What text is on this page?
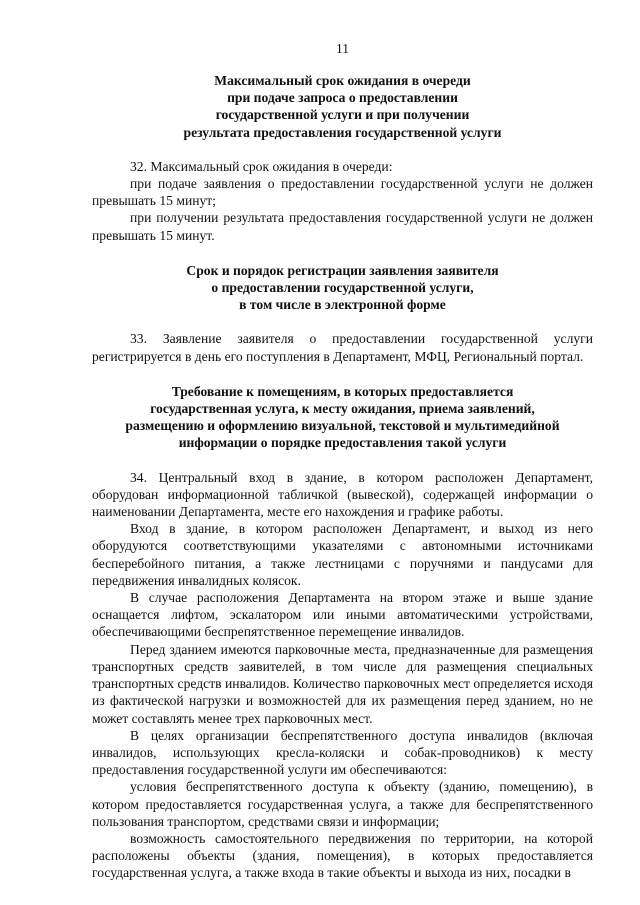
11
Максимальный срок ожидания в очереди
при подаче запроса о предоставлении
государственной услуги и при получении
результата предоставления государственной услуги

32. Максимальный срок ожидания в очереди:

при подаче заявления о предоставлении государственной услуги не должен превышать 15 минут;

при получении результата предоставления государственной услуги не должен превышать 15 минут.

Срок и порядок регистрации заявления заявителя
о предоставлении государственной услуги,
в том числе в электронной форме

33. Заявление заявителя о предоставлении государственной услуги регистрируется в день его поступления в Департамент, МФЦ, Региональный портал.

Требование к помещениям, в которых предоставляется
государственная услуга, к месту ожидания, приема заявлений,
размещению и оформлению визуальной, текстовой и мультимедийной
информации о порядке предоставления такой услуги

34. Центральный вход в здание, в котором расположен Департамент, оборудован информационной табличкой (вывеской), содержащей информации о наименовании Департамента, месте его нахождения и графике работы.

Вход в здание, в котором расположен Департамент, и выход из него оборудуются соответствующими указателями с автономными источниками бесперебойного питания, а также лестницами с поручнями и пандусами для передвижения инвалидных колясок.

В случае расположения Департамента на втором этаже и выше здание оснащается лифтом, эскалатором или иными автоматическими устройствами, обеспечивающими беспрепятственное перемещение инвалидов.

Перед зданием имеются парковочные места, предназначенные для размещения транспортных средств заявителей, в том числе для размещения специальных транспортных средств инвалидов. Количество парковочных мест определяется исходя из фактической нагрузки и возможностей для их размещения перед зданием, но не может составлять менее трех парковочных мест.

В целях организации беспрепятственного доступа инвалидов (включая инвалидов, использующих кресла-коляски и собак-проводников) к месту предоставления государственной услуги им обеспечиваются:

условия беспрепятственного доступа к объекту (зданию, помещению), в котором предоставляется государственная услуга, а также для беспрепятственного пользования транспортом, средствами связи и информации;

возможность самостоятельного передвижения по территории, на которой расположены объекты (здания, помещения), в которых предоставляется государственная услуга, а также входа в такие объекты и выхода из них, посадки в
